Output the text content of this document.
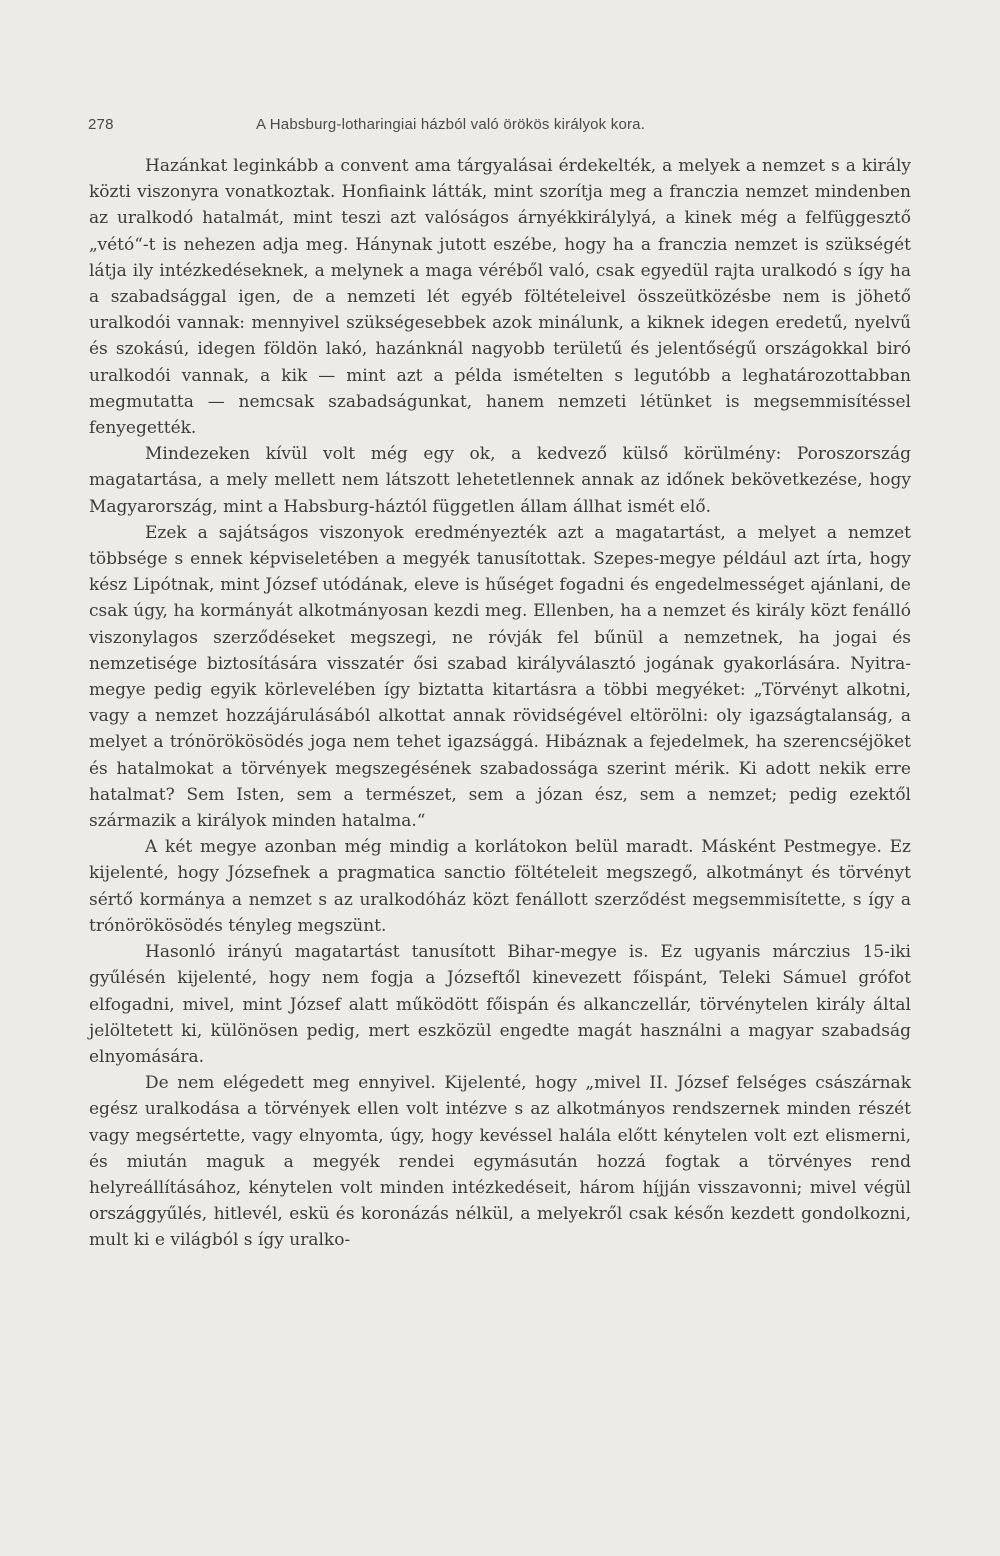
278	A Habsburg-lotharingiai házból való örökös királyok kora.

Hazánkat leginkább a convent ama tárgyalásai érdekelték, a melyek a nemzet s a király közti viszonyra vonatkoztak. Honfiaink látták, mint szorítja meg a franczia nemzet mindenben az uralkodó hatalmát, mint teszi azt valóságos árnyékkirálylyá, a kinek még a felfüggesztő „vétó“-t is nehezen adja meg. Hánynak jutott eszébe, hogy ha a franczia nemzet is szükségét látja ily intézkedéseknek, a melynek a maga véréből való, csak egyedül rajta uralkodó s így ha a szabadsággal igen, de a nemzeti lét egyéb föltételeivel összeütközésbe nem is jöhető uralkodói vannak: mennyivel szükségesebbek azok minálunk, a kiknek idegen eredetű, nyelvű és szokású, idegen földön lakó, hazánknál nagyobb területű és jelentőségű országokkal biró uralkodói vannak, a kik — mint azt a példa ismételten s legutóbb a leghatározottabban megmutatta — nemcsak szabadságunkat, hanem nemzeti létünket is megsemmisítéssel fenyegették.

Mindezeken kívül volt még egy ok, a kedvező külső körülmény: Poroszország magatartása, a mely mellett nem látszott lehetetlennek annak az időnek bekövetkezése, hogy Magyarország, mint a Habsburg-háztól független állam állhat ismét elő.

Ezek a sajátságos viszonyok eredményezték azt a magatartást, a melyet a nemzet többsége s ennek képviseletében a megyék tanusítottak. Szepes-megye például azt írta, hogy kész Lipótnak, mint József utódának, eleve is hűséget fogadni és engedelmességet ajánlani, de csak úgy, ha kormányát alkotmányosan kezdi meg. Ellenben, ha a nemzet és király közt fenálló viszonylagos szerződéseket megszegi, ne róvják fel bűnül a nemzetnek, ha jogai és nemzetisége biztosítására visszatér ősi szabad királyválasztó jogának gyakorlására. Nyitra-megye pedig egyik körlevelében így biztatta kitartásra a többi megyéket: „Törvényt alkotni, vagy a nemzet hozzájárulásából alkottat annak rövidségével eltörölni: oly igazságtalanság, a melyet a trónörökösödés joga nem tehet igazsággá. Hibáznak a fejedelmek, ha szerencséjöket és hatalmokat a törvények megszegésének szabadossága szerint mérik. Ki adott nekik erre hatalmat? Sem Isten, sem a természet, sem a józan ész, sem a nemzet; pedig ezektől származik a királyok minden hatalma.“

A két megye azonban még mindig a korlátokon belül maradt. Másként Pestmegye. Ez kijelenté, hogy Józsefnek a pragmatica sanctio föltételeit megszegő, alkotmányt és törvényt sértő kormánya a nemzet s az uralkodóház közt fenállott szerződést megsemmisítette, s így a trónörökösödés tényleg megszünt.

Hasonló irányú magatartást tanusított Bihar-megye is. Ez ugyanis márczius 15-iki gyűlésén kijelenté, hogy nem fogja a Józseftől kinevezett főispánt, Teleki Sámuel grófot elfogadni, mivel, mint József alatt működött főispán és alkanczellár, törvénytelen király által jelöltetett ki, különösen pedig, mert eszközül engedte magát használni a magyar szabadság elnyomására.

De nem elégedett meg ennyivel. Kijelenté, hogy „mivel II. József felséges császárnak egész uralkodása a törvények ellen volt intézve s az alkotmányos rendszernek minden részét vagy megsértette, vagy elnyomta, úgy, hogy kevéssel halála előtt kénytelen volt ezt elismerni, és miután maguk a megyék rendei egymásután hozzá fogtak a törvényes rend helyreállításához, kénytelen volt minden intézkedéseit, három híjján visszavonni; mivel végül országgyűlés, hitlevél, eskü és koronázás nélkül, a melyekről csak későn kezdett gondolkozni, mult ki e világból s így uralko-
